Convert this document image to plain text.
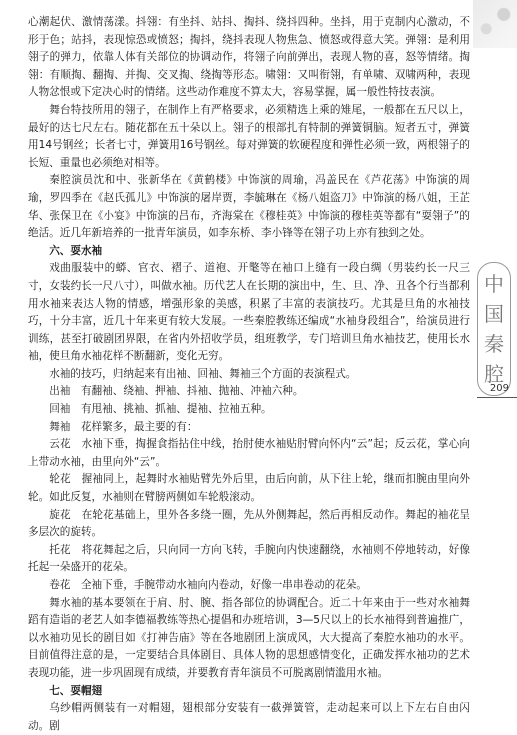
心潮起伏、激情荡漾。抖翎：有坐抖、站抖、掏抖、绕抖四种。坐抖，用于克制内心激动，不形于色；站抖，表现惊恐或愤怒；掏抖，绕抖表现人物焦急、愤怒或得意大笑。弹翎：是利用翎子的弹力，依靠人体有关部位的协调动作，将翎子向前弹出，表现人物的喜，怒等情绪。掏翎：有顺掏、翻掏、并掏、交叉掏、绕掏等形态。啸翎：又叫衔翎，有单啸、双啸两种，表现人物忿恨或下定决心时的情绪。这些动作难度不算太大，容易掌握，属一般性特技表演。

舞台特技所用的翎子，在制作上有严格要求，必须精选上乘的雉尾，一般都在五尺以上，最好的达七尺左右。随花都在五十朵以上。翎子的根部扎有特制的弹簧铜脑。短者五寸，弹簧用14号钢丝；长者七寸，弹簧用16号钢丝。每对弹簧的软硬程度和弹性必须一致，两根翎子的长短、重量也必须绝对相等。

秦腔演员沈和中、张新华在《黄鹤楼》中饰演的周瑜，冯盖民在《芦花荡》中饰演的周瑜，罗四季在《赵氏孤儿》中饰演的屠岸贾，李毓琳在《杨八姐盗刀》中饰演的杨八姐，王芷华、张保卫在《小宴》中饰演的吕布，齐海棠在《穆桂英》中饰演的穆桂英等都有“耍翎子”的绝活。近几年新培养的一批青年演员，如李东桥、李小锋等在翎子功上亦有独到之处。

六、耍水袖

戏曲服装中的蟒、官衣、褶子、道袍、开氅等在袖口上缝有一段白绸（男装约长一尺三寸，女装约长一尺八寸），叫做水袖。历代艺人在长期的演出中，生、旦、净、丑各个行当都利用水袖来表达人物的情感，增强形象的美感，积累了丰富的表演技巧。尤其是旦角的水袖技巧，十分丰富，近几十年来更有较大发展。一些秦腔教练还编成“水袖身段组合”，给演员进行训练，甚至打破剧团界限，在省内外招收学员，组班教学，专门培训旦角水袖技艺，使用长水袖，使旦角水袖花样不断翻新，变化无穷。

水袖的技巧，归纳起来有出袖、回袖、舞袖三个方面的表演程式。

出袖　有翻袖、绕袖、押袖、抖袖、抛袖、冲袖六种。

回袖　有甩袖、挑袖、抓袖、提袖、拉袖五种。

舞袖　花样繁多，最主要的有：

云花　水袖下垂，掏握食指拈住中线，抬肘使水袖贴肘臂向怀内“云”起；反云花，掌心向上带动水袖，由里向外“云”。

轮花　握袖同上，起舞时水袖贴臂先外后里，由后向前，从下往上轮，继而扣腕由里向外轮。如此反复，水袖则在臂膀两侧如车轮般滚动。

旋花　在轮花基础上，里外各多绕一圈，先从外侧舞起，然后再相反动作。舞起的袖花呈多层次的旋转。

托花　将花舞起之后，只向同一方向飞转，手腕向内快速翻绕，水袖则不停地转动，好像托起一朵盛开的花朵。

卷花　全袖下垂，手腕带动水袖向内卷动，好像一串串卷动的花朵。

舞水袖的基本要领在于肩、肘、腕、指各部位的协调配合。近二十年来由于一些对水袖舞蹈有造诣的老艺人如李德福教练等热心提倡和办班培训，3—5尺以上的长水袖得到普遍推广，以水袖功见长的剧目如《打神告庙》等在各地剧团上演成风，大大提高了秦腔水袖功的水平。目前值得注意的是，一定要结合具体剧目、具体人物的思想感情变化，正确发挥水袖功的艺术表现功能，进一步巩固现有成绩，并要教育青年演员不可脱离剧情滥用水袖。

七、耍帽翅

乌纱帽两侧装有一对帽翅，翅根部分安装有一截弹簧管，走动起来可以上下左右自由闪动。剧

中
国
秦
腔
209
